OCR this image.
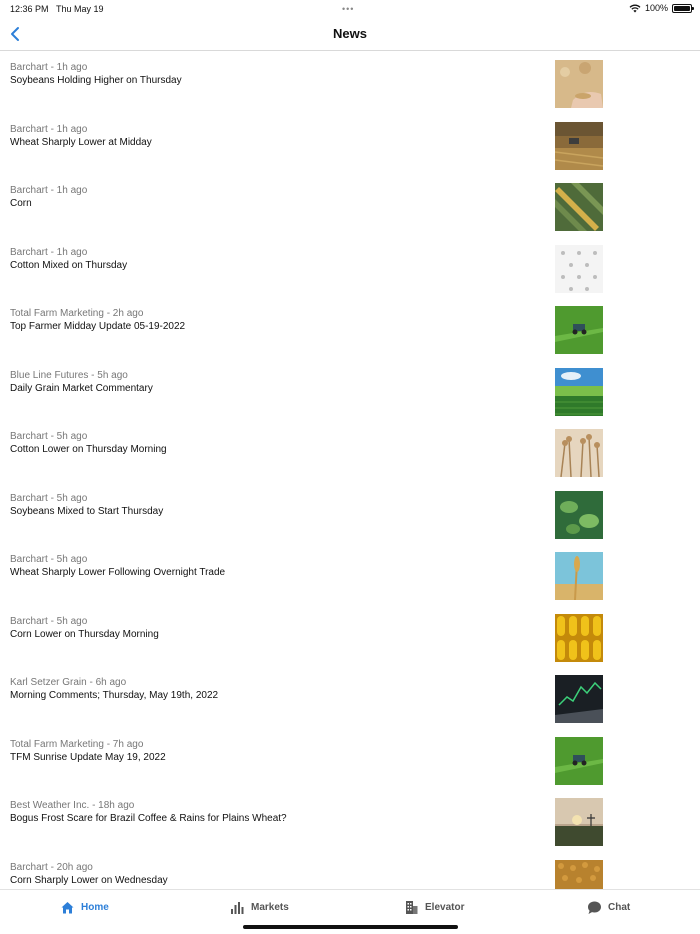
12:36 PM Thu May 19	•••	100%
News
Barchart - 1h ago
Soybeans Holding Higher on Thursday
Barchart - 1h ago
Wheat Sharply Lower at Midday
Barchart - 1h ago
Corn
Barchart - 1h ago
Cotton Mixed on Thursday
Total Farm Marketing - 2h ago
Top Farmer Midday Update 05-19-2022
Blue Line Futures - 5h ago
Daily Grain Market Commentary
Barchart - 5h ago
Cotton Lower on Thursday Morning
Barchart - 5h ago
Soybeans Mixed to Start Thursday
Barchart - 5h ago
Wheat Sharply Lower Following Overnight Trade
Barchart - 5h ago
Corn Lower on Thursday Morning
Karl Setzer Grain - 6h ago
Morning Comments; Thursday, May 19th, 2022
Total Farm Marketing - 7h ago
TFM Sunrise Update May 19, 2022
Best Weather Inc. - 18h ago
Bogus Frost Scare for Brazil Coffee & Rains for Plains Wheat?
Barchart - 20h ago
Corn Sharply Lower on Wednesday
Home	Markets	Elevator	Chat
